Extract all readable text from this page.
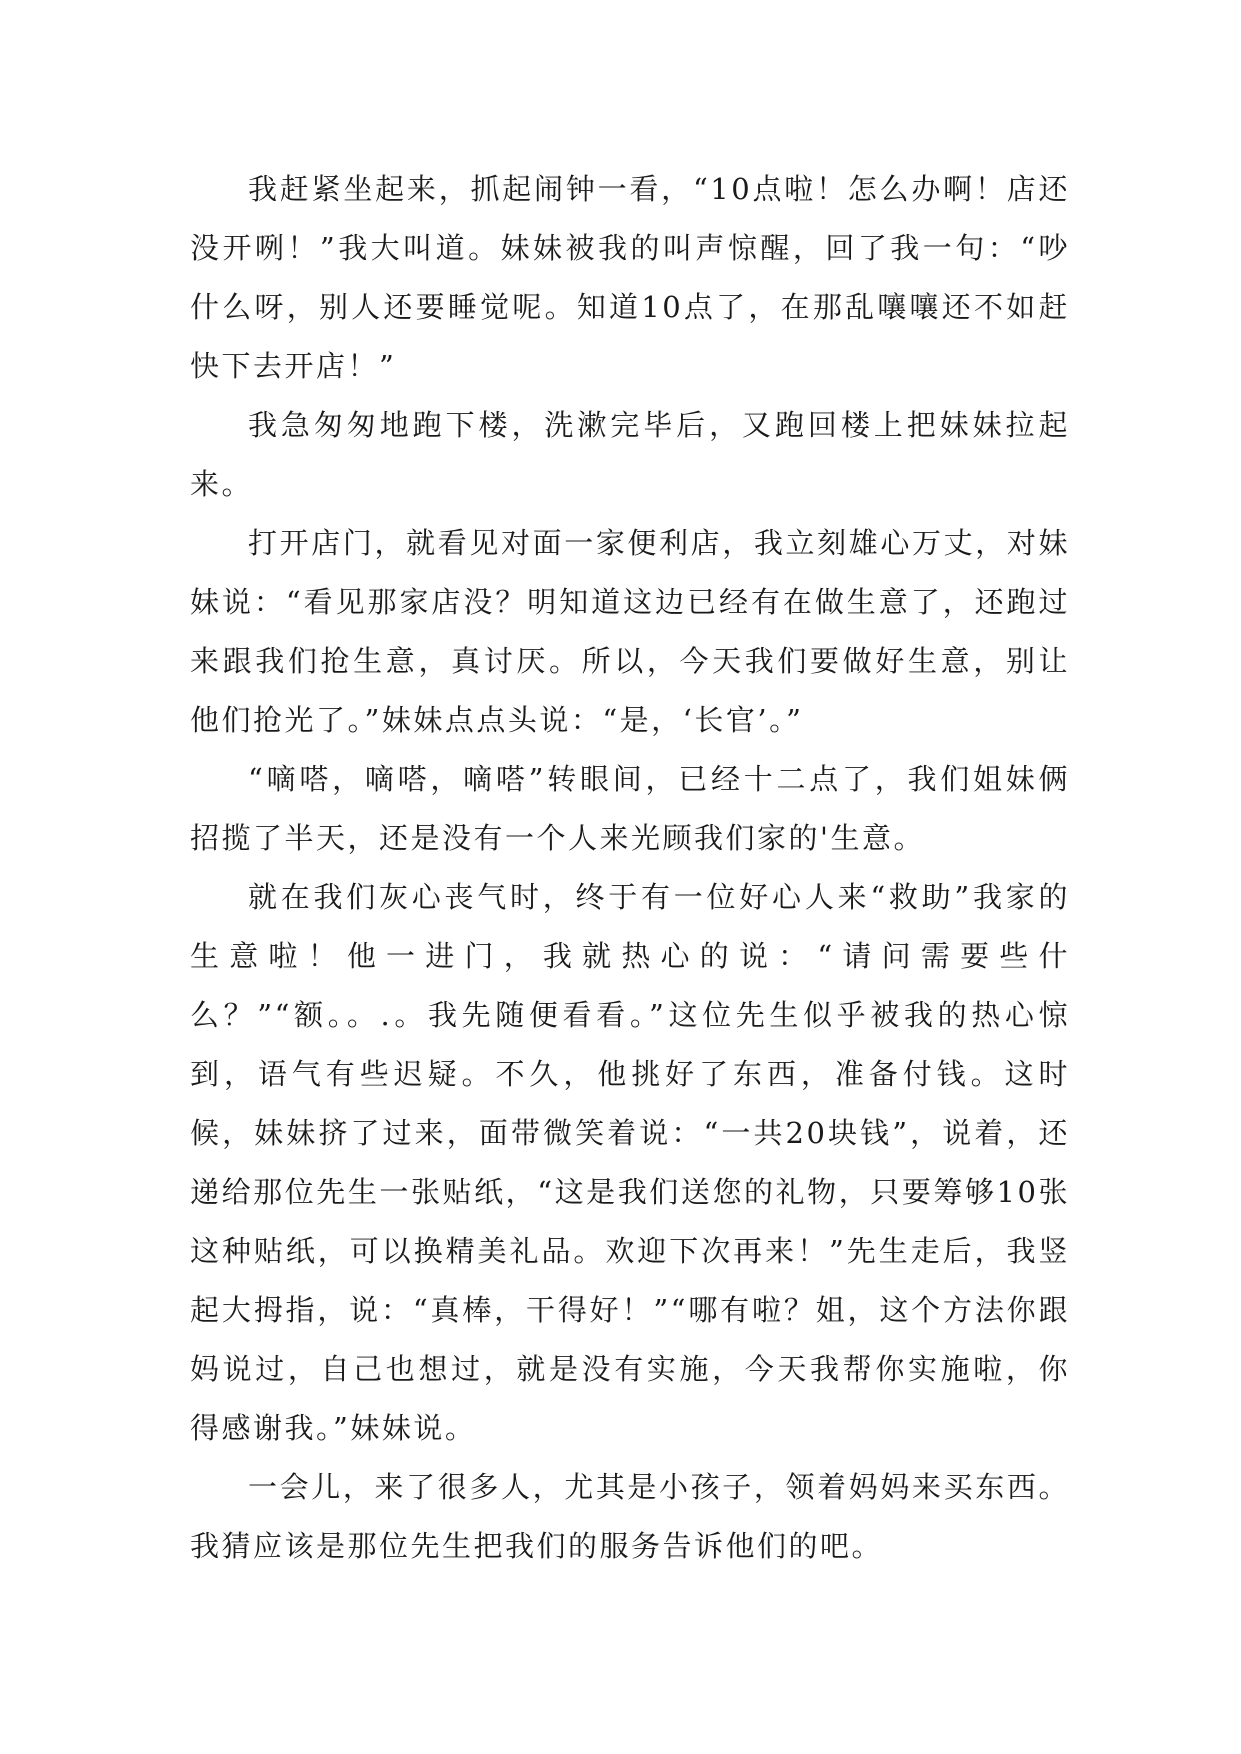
我赶紧坐起来，抓起闹钟一看，“10点啦！怎么办啊！店还没开咧！”我大叫道。妹妹被我的叫声惊醒，回了我一句：“吵什么呀，别人还要睡觉呢。知道10点了，在那乱嚷嚷还不如赶快下去开店！”

我急匆匆地跑下楼，洗漱完毕后，又跑回楼上把妹妹拉起来。

打开店门，就看见对面一家便利店，我立刻雄心万丈，对妹妹说：“看见那家店没？明知道这边已经有在做生意了，还跑过来跟我们抢生意，真讨厌。所以，今天我们要做好生意，别让他们抢光了。”妹妹点点头说：“是，‘长官’。”

“嘀嗒，嘀嗒，嘀嗒”转眼间，已经十二点了，我们姐妹俩招揽了半天，还是没有一个人来光顾我们家的'生意。

就在我们灰心丧气时，终于有一位好心人来“救助”我家的生意啦！他一进门，我就热心的说：“请问需要些什么？”“额。。.。我先随便看看。”这位先生似乎被我的热心惊到，语气有些迟疑。不久，他挑好了东西，准备付钱。这时候，妹妹挤了过来，面带微笑着说：“一共20块钱”，说着，还递给那位先生一张贴纸，“这是我们送您的礼物，只要筹够10张这种贴纸，可以换精美礼品。欢迎下次再来！”先生走后，我竖起大拇指，说：“真棒，干得好！”“哪有啦？姐，这个方法你跟妈说过，自己也想过，就是没有实施，今天我帮你实施啦，你得感谢我。”妹妹说。

一会儿，来了很多人，尤其是小孩子，领着妈妈来买东西。我猜应该是那位先生把我们的服务告诉他们的吧。
